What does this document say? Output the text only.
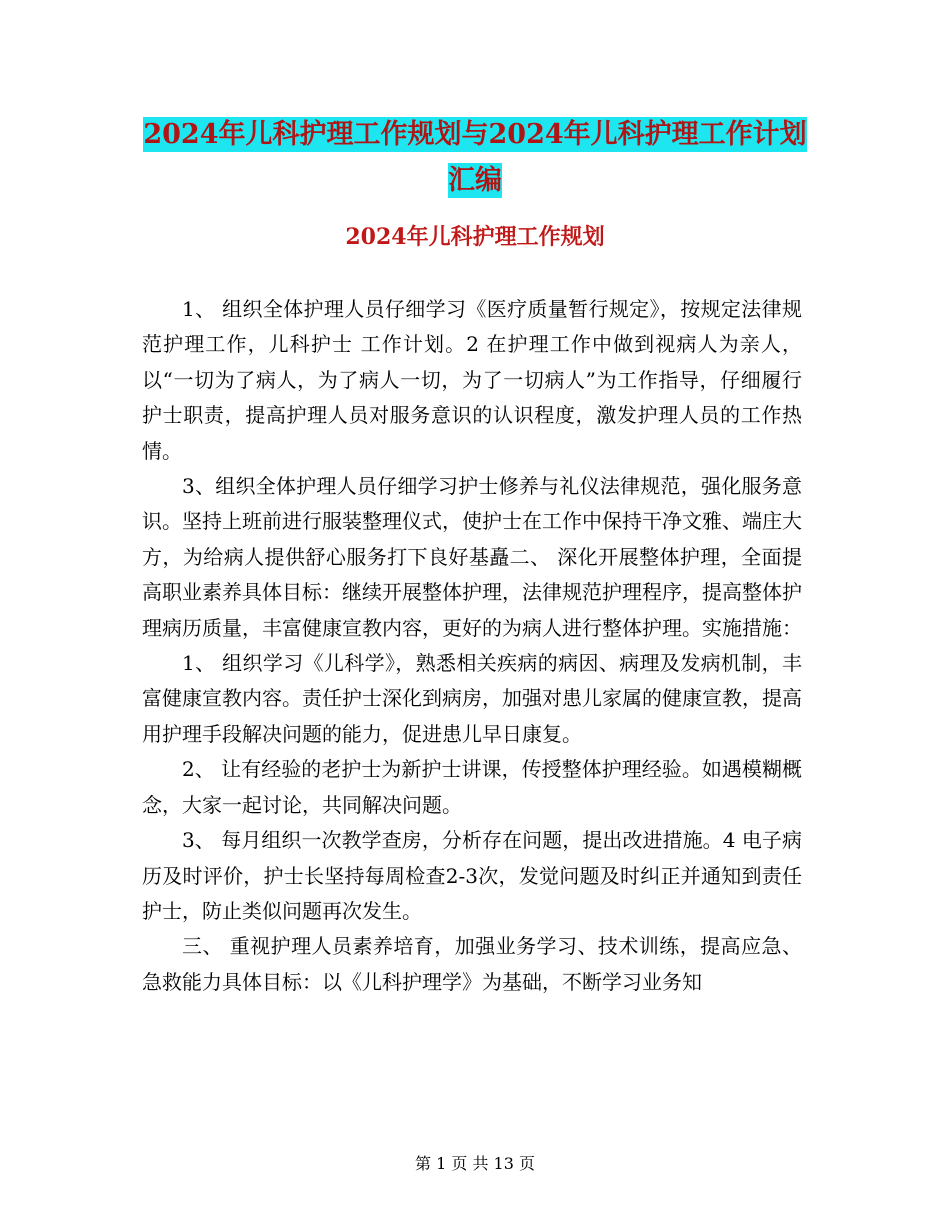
2024年儿科护理工作规划与2024年儿科护理工作计划
汇编
2024年儿科护理工作规划

1、 组织全体护理人员仔细学习《医疗质量暂行规定》，按规定法律规范护理工作，儿科护士 工作计划。2 在护理工作中做到视病人为亲人，以“一切为了病人，为了病人一切，为了一切病人”为工作指导，仔细履行护士职责，提高护理人员对服务意识的认识程度，激发护理人员的工作热情。

3、组织全体护理人员仔细学习护士修养与礼仪法律规范，强化服务意识。坚持上班前进行服装整理仪式，使护士在工作中保持干净文雅、端庄大方，为给病人提供舒心服务打下良好基矗二、 深化开展整体护理，全面提高职业素养具体目标：继续开展整体护理，法律规范护理程序，提高整体护理病历质量，丰富健康宣教内容，更好的为病人进行整体护理。实施措施：

1、 组织学习《儿科学》，熟悉相关疾病的病因、病理及发病机制，丰富健康宣教内容。责任护士深化到病房，加强对患儿家属的健康宣教，提高用护理手段解决问题的能力，促进患儿早日康复。

2、 让有经验的老护士为新护士讲课，传授整体护理经验。如遇模糊概念，大家一起讨论，共同解决问题。

3、 每月组织一次教学查房，分析存在问题，提出改进措施。4 电子病历及时评价，护士长坚持每周检查2-3次，发觉问题及时纠正并通知到责任护士，防止类似问题再次发生。

三、 重视护理人员素养培育，加强业务学习、技术训练，提高应急、 急救能力具体目标：以《儿科护理学》为基础，不断学习业务知

第 1 页 共 13 页
